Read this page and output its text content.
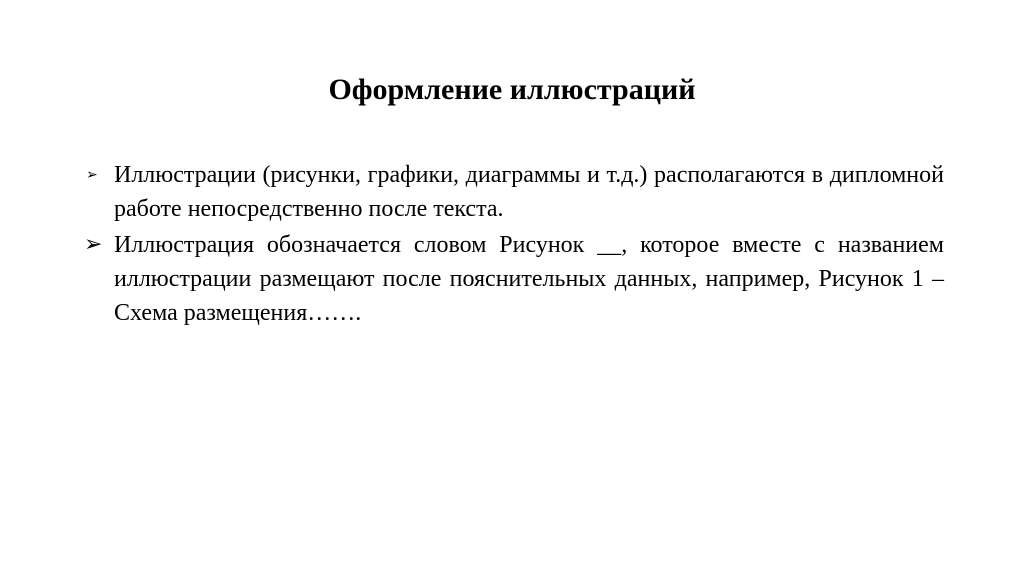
Оформление иллюстраций
➢ Иллюстрации (рисунки, графики, диаграммы и т.д.) располагаются в дипломной работе непосредственно после текста.
➢ Иллюстрация обозначается словом Рисунок __, которое вместе с названием иллюстрации размещают после пояснительных данных, например, Рисунок 1 – Схема размещения…….
